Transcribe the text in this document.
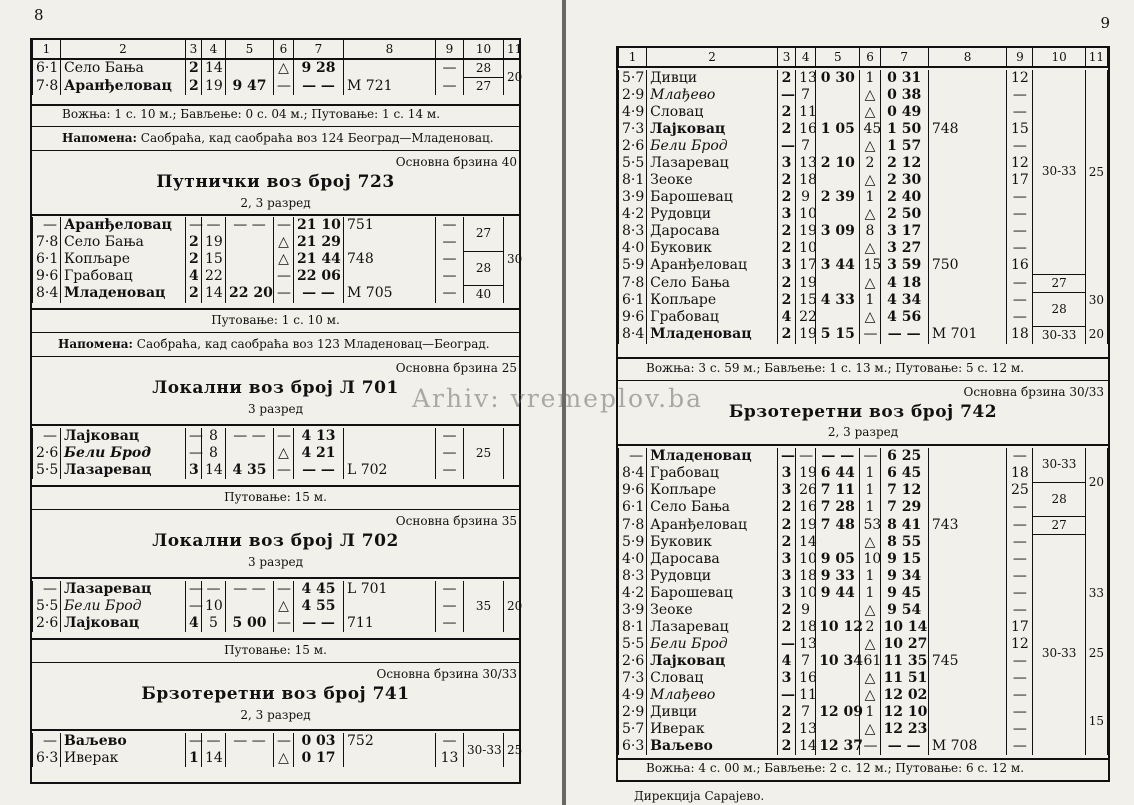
8
1	2	3	4	5	6	7	8	9	10	11
6·1	Село Бања	2	14		△	9 28		—	28	20
7·8	Аранђеловац	2	19	9 47	—	— —	М 721	—	27	
Вожња: 1 с. 10 м.; Бављење: 0 с. 04 м.; Путовање: 1 с. 14 м.
Напомена: Саобраћа, кад саобраћа воз 124 Београд—Младеновац.
Основна брзина 40
Путнички воз број 723
2, 3 разред
—	Аранђеловац	—	—	— —	—	21 10	751	—	27	30
7·8	Село Бања	2	19		△	21 29		—		
6·1	Копљаре	2	15		△	21 44	748	—	28	
9·6	Грабовац	4	22		—	22 06		—		
8·4	Младеновац	2	14	22 20	—	— —	М 705	—	40	
Путовање: 1 с. 10 м.
Напомена: Саобраћа, кад саобраћа воз 123 Младеновац—Београд.
Основна брзина 25
Локални воз број Л 701
3 разред
—	Лајковац	—	8	— —	—	4 13		—	25	
2·6	Бели Брод	—	8		△	4 21		—		
5·5	Лазаревац	3	14	4 35	—	— —	L 702	—		
Путовање: 15 м.
Основна брзина 35
Локални воз број Л 702
3 разред
—	Лазаревац	—	—	— —	—	4 45	L 701	—	35	20
5·5	Бели Брод	—	10		△	4 55		—		
2·6	Лајковац	4	5	5 00	—	— —	711	—		
Путовање: 15 м.
Основна брзина 30/33
Брзотеретни воз број 741
2, 3 разред
—	Ваљево	—	—	— —	—	0 03	752	—	30-33	25
6·3	Иверак	1	14		△	0 17		13		
9
1	2	3	4	5	6	7	8	9	10	11
5·7	Дивци	2	13	0 30	1	0 31		12	30-33	25
2·9	Млађево	—	7		△	0 38		—		
4·9	Словац	2	11		△	0 49		—		
7·3	Лајковац	2	16	1 05	45	1 50	748	15		
2·6	Бели Брод	—	7		△	1 57		—		
5·5	Лазаревац	3	13	2 10	2	2 12		12		
8·1	Зеоке	2	18		△	2 30		17		
3·9	Барошевац	2	9	2 39	1	2 40		—		
4·2	Рудовци	3	10		△	2 50		—		
8·3	Даросава	2	19	3 09	8	3 17		—		
4·0	Буковик	2	10		△	3 27		—		
5·9	Аранђеловац	3	17	3 44	15	3 59	750	16		
7·8	Село Бања	2	19		△	4 18		—	27	30
6·1	Копљаре	2	15	4 33	1	4 34		—	28	
9·6	Грабовац	4	22		△	4 56		—		
8·4	Младеновац	2	19	5 15	—	— —	М 701	18	30-33	20
Вожња: 3 с. 59 м.; Бављење: 1 с. 13 м.; Путовање: 5 с. 12 м.
Основна брзина 30/33
Брзотеретни воз број 742
2, 3 разред
—	Младеновац	—	—	— —	—	6 25		—	30-33	20
8·4	Грабовац	3	19	6 44	1	6 45		18		
9·6	Копљаре	3	26	7 11	1	7 12		25	28	
6·1	Село Бања	2	16	7 28	1	7 29		—		
7·8	Аранђеловац	2	19	7 48	53	8 41	743	—	27	
5·9	Буковик	2	14		△	8 55		—		
4·0	Даросава	3	10	9 05	10	9 15		—		
8·3	Рудовци	3	18	9 33	1	9 34		—		33
4·2	Барошевац	3	10	9 44	1	9 45		—		
3·9	Зеоке	2	9		△	9 54		—		
8·1	Лазаревац	2	18	10 12	2	10 14		17		25
5·5	Бели Брод	—	13		△	10 27		12	30-33	
2·6	Лајковац	4	7	10 34	61	11 35	745	—		
7·3	Словац	3	16		△	11 51		—		
4·9	Млађево	—	11		△	12 02		—		15
2·9	Дивци	2	7	12 09	1	12 10		—		
5·7	Иверак	2	13		△	12 23		—		
6·3	Ваљево	2	14	12 37	—	— —	М 708	—		
Вожња: 4 с. 00 м.; Бављење: 2 с. 12 м.; Путовање: 6 с. 12 м.
Дирекција Сарајево.
Arhiv: vremeplov.ba
